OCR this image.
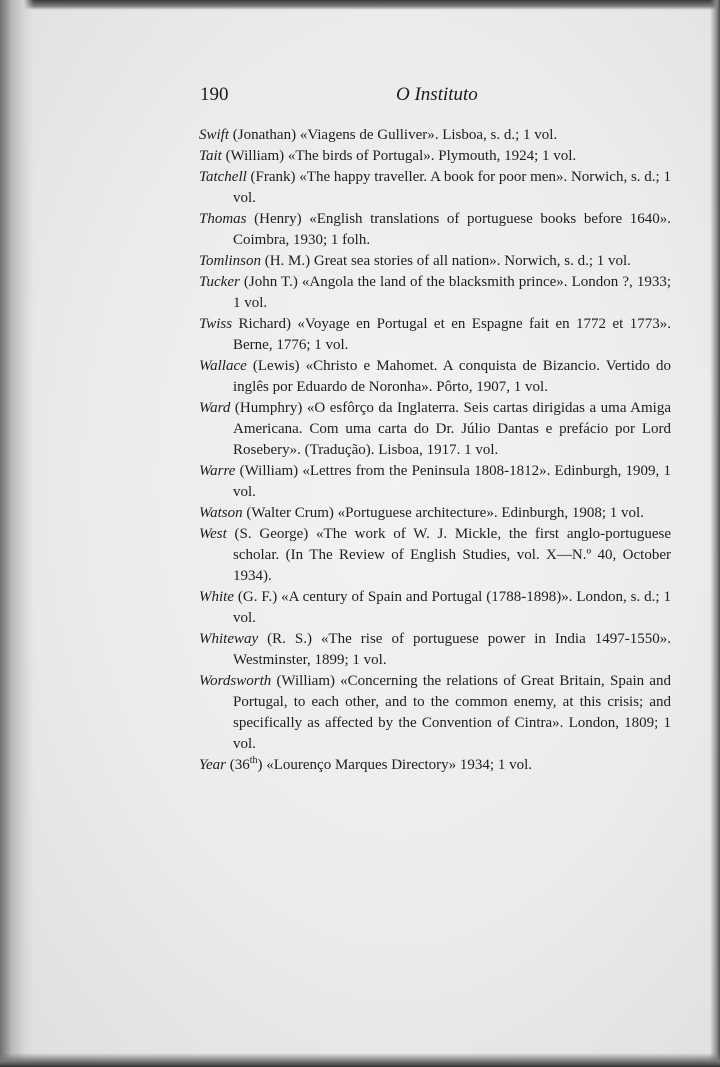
190	O Instituto

Swift (Jonathan) «Viagens de Gulliver». Lisboa, s. d.; 1 vol.

Tait (William) «The birds of Portugal». Plymouth, 1924; 1 vol.

Tatchell (Frank) «The happy traveller. A book for poor men». Norwich, s. d.; 1 vol.

Thomas (Henry) «English translations of portuguese books before 1640». Coimbra, 1930; 1 folh.

Tomlinson (H. M.) Great sea stories of all nation». Norwich, s. d.; 1 vol.

Tucker (John T.) «Angola the land of the blacksmith prince». London ?, 1933; 1 vol.

Twiss Richard) «Voyage en Portugal et en Espagne fait en 1772 et 1773». Berne, 1776; 1 vol.

Wallace (Lewis) «Christo e Mahomet. A conquista de Bizancio. Vertido do inglês por Eduardo de Noronha». Pôrto, 1907, 1 vol.

Ward (Humphry) «O esfôrço da Inglaterra. Seis cartas dirigidas a uma Amiga Americana. Com uma carta do Dr. Júlio Dantas e prefácio por Lord Rosebery». (Tradução). Lisboa, 1917. 1 vol.

Warre (William) «Lettres from the Peninsula 1808-1812». Edinburgh, 1909, 1 vol.

Watson (Walter Crum) «Portuguese architecture». Edinburgh, 1908; 1 vol.

West (S. George) «The work of W. J. Mickle, the first anglo-portuguese scholar. (In The Review of English Studies, vol. X—N.º 40, October 1934).

White (G. F.) «A century of Spain and Portugal (1788-1898)». London, s. d.; 1 vol.

Whiteway (R. S.) «The rise of portuguese power in India 1497-1550». Westminster, 1899; 1 vol.

Wordsworth (William) «Concerning the relations of Great Britain, Spain and Portugal, to each other, and to the common enemy, at this crisis; and specifically as affected by the Convention of Cintra». London, 1809; 1 vol.

Year (36th) «Lourenço Marques Directory» 1934; 1 vol.
